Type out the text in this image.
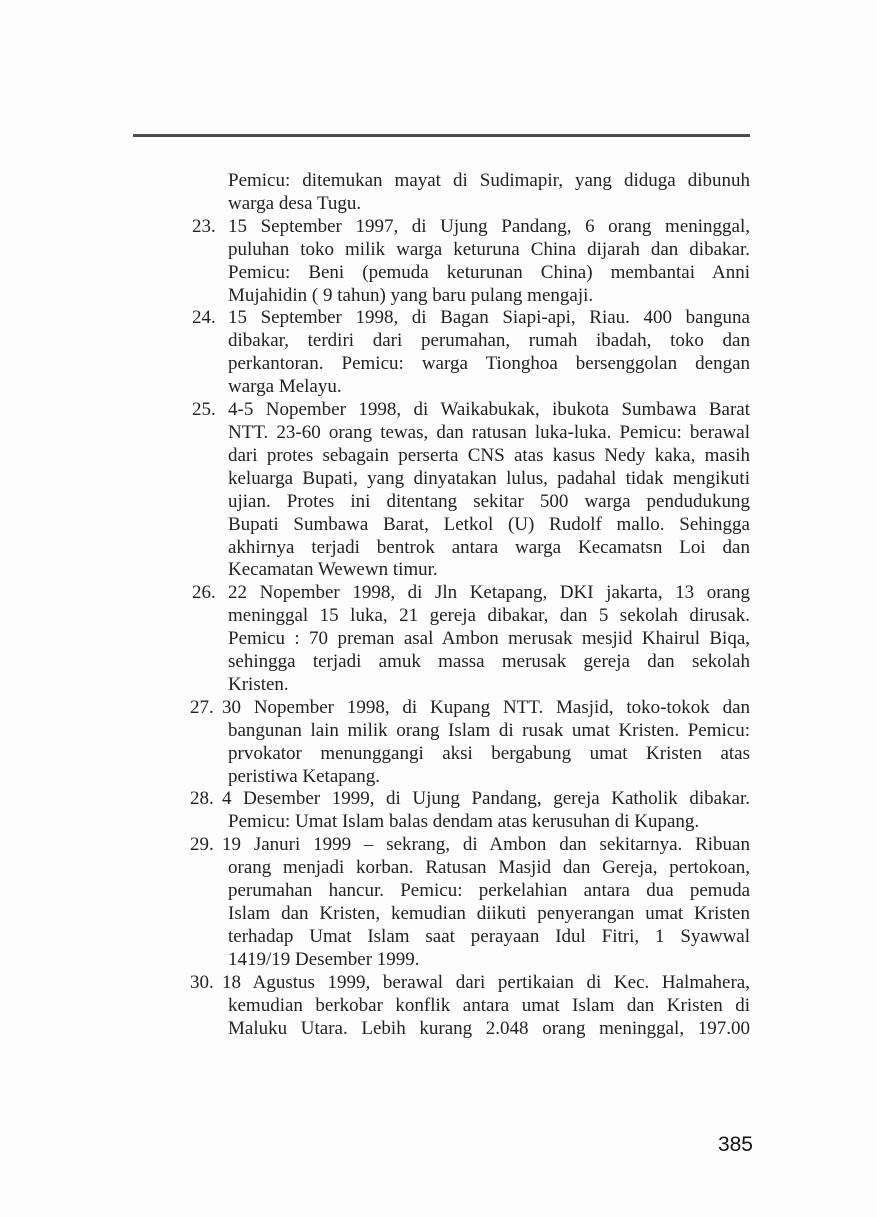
Pemicu: ditemukan mayat di Sudimapir, yang diduga dibunuh
warga desa Tugu.
23. 15 September 1997, di Ujung Pandang, 6 orang meninggal,
puluhan toko milik warga keturuna China dijarah dan dibakar.
Pemicu: Beni (pemuda keturunan China) membantai Anni
Mujahidin ( 9 tahun) yang baru pulang mengaji.
24. 15 September 1998, di Bagan Siapi-api, Riau. 400 banguna
dibakar, terdiri dari perumahan, rumah ibadah, toko dan
perkantoran. Pemicu: warga Tionghoa bersenggolan dengan
warga Melayu.
25. 4-5 Nopember 1998, di Waikabukak, ibukota Sumbawa Barat
NTT. 23-60 orang tewas, dan ratusan luka-luka. Pemicu: berawal
dari protes sebagain perserta CNS atas kasus Nedy kaka, masih
keluarga Bupati, yang dinyatakan lulus, padahal tidak mengikuti
ujian. Protes ini ditentang sekitar 500 warga pendudukung
Bupati Sumbawa Barat, Letkol (U) Rudolf mallo. Sehingga
akhirnya terjadi bentrok antara warga Kecamatsn Loi dan
Kecamatan Wewewn timur.
26. 22 Nopember 1998, di Jln Ketapang, DKI jakarta, 13 orang
meninggal 15 luka, 21 gereja dibakar, dan 5 sekolah dirusak.
Pemicu : 70 preman asal Ambon merusak mesjid Khairul Biqa,
sehingga terjadi amuk massa merusak gereja dan sekolah
Kristen.
27. 30 Nopember 1998, di Kupang NTT. Masjid, toko-tokok dan
bangunan lain milik orang Islam di rusak umat Kristen. Pemicu:
prvokator menunggangi aksi bergabung umat Kristen atas
peristiwa Ketapang.
28. 4 Desember 1999, di Ujung Pandang, gereja Katholik dibakar.
Pemicu: Umat Islam balas dendam atas kerusuhan di Kupang.
29. 19 Januri 1999 – sekrang, di Ambon dan sekitarnya. Ribuan
orang menjadi korban. Ratusan Masjid dan Gereja, pertokoan,
perumahan hancur. Pemicu: perkelahian antara dua pemuda
Islam dan Kristen, kemudian diikuti penyerangan umat Kristen
terhadap Umat Islam saat perayaan Idul Fitri, 1 Syawwal
1419/19 Desember 1999.
30. 18 Agustus 1999, berawal dari pertikaian di Kec. Halmahera,
kemudian berkobar konflik antara umat Islam dan Kristen di
Maluku Utara. Lebih kurang 2.048 orang meninggal, 197.00
385
